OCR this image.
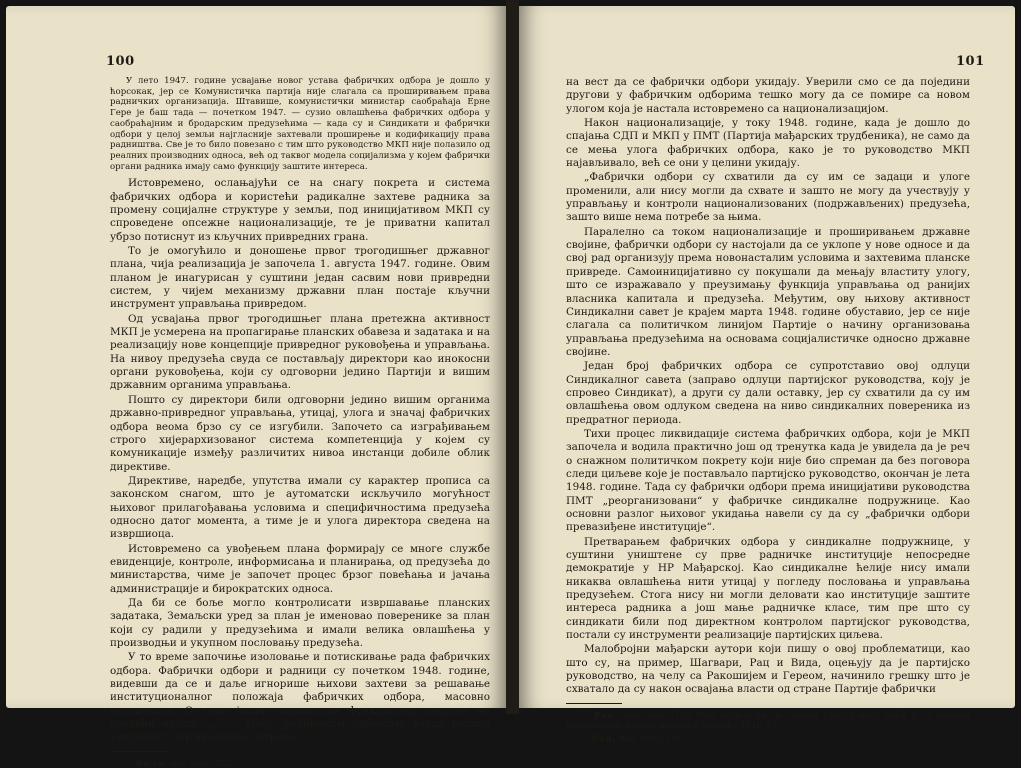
100

У лето 1947. године усвајање новог устава фабричких одбора је дошло у ћорсокак, јер се Комунистичка партија није слагала са проширивањем права радничких организација. Штавише, комунистички министар саобраћаја Ерне Гере је баш тада — почетком 1947. — сузио овлашћења фабричких одбора у саобраћајним и бродарским предузећима — када су и Синдикати и фабрички одбори у целој земљи најгласније захтевали проширење и кодификацију права радништва. Све је то било повезано с тим што руководство МКП није полазило од реалних производних односа, већ од таквог модела социјализма у којем фабрички органи радника имају само функцију заштите интереса.

Истовремено, ослањајући се на снагу покрета и система фабричких одбора и користећи радикалне захтеве радника за промену социјалне структуре у земљи, под иницијативом МКП су спроведене опсежне национализације, те је приватни капитал убрзо потиснут из кључних привредних грана.

То је омогућило и доношење првог трогодишњег државног плана, чија реализација је започела 1. августа 1947. године. Овим планом је инагурисан у суштини један сасвим нови привредни систем, у чијем механизму државни план постаје кључни инструмент управљања привредом.

Од усвајања првог трогодишњег плана претежна активност МКП је усмерена на пропагирање планских обавеза и задатака и на реализацију нове концепције привредног руковођења и управљања. На нивоу предузећа свуда се постављају директори као инокосни органи руковођења, који су одговорни једино Партији и вишим државним органима управљања.

Пошто су директори били одговорни једино вишим органима државно-привредног управљања, утицај, улога и значај фабричких одбора веома брзо су се изгубили. Започето са изграђивањем строго хијерархизованог система компетенција у којем су комуникације између различитих нивоа инстанци добиле облик директиве.

Директиве, наредбе, упутства имали су карактер прописа са законском снагом, што је аутоматски искључило могућност њиховог прилагођавања условима и специфичностима предузећа односно датог момента, а тиме је и улога директора сведена на извршиоца.

Истовремено са увођењем плана формирају се многе службе евиденције, контроле, информисања и планирања, од предузећа до министарства, чиме је започет процес брзог повећања и јачања администрације и бирократских односа.

Да би се боље могло контролисати извршавање планских задатака, Земаљски уред за план је именовао поверенике за план који су радили у предузећима и имали велика овлашћења у производњи и укупном пословању предузећа.

У то време започиње изоловање и потискивање рада фабричких одбора. Фабрички одбори и радници су почетком 1948. године, видевши да се и даље игнорише њихови захтеви за решавање институционалног положаја фабричких одбора, масовно негодовали. О томе један синдикални функционер сведочи на следећи начин: „. . . Међу фабричким одборима влада велика узрујаност, јер провејава погреш-

$^{21}$ Вида, нав. дело, 722.

101

на вест да се фабрички одбори укидају. Уверили смо се да поједини другови у фабричким одборима тешко могу да се помире са новом улогом која је настала истовремено са национализацијом.

Након национализације, у току 1948. године, када је дошло до спајања СДП и МКП у ПМТ (Партија мађарских трудбеника), не само да се мења улога фабричких одбора, како је то руководство МКП најављивало, већ се они у целини укидају.

„Фабрички одбори су схватили да су им се задаци и улоге променили, али нису могли да схвате и зашто не могу да учествују у управљању и контроли национализованих (подржављених) предузећа, зашто више нема потребе за њима.

Паралелно са током национализације и проширивањем државне своjине, фабрички одбори су настојали да се уклопе у нове односе и да свој рад организују према новонасталим условима и захтевима планске привреде. Самоиницијативно су покушали да мењају властиту улогу, што се изражавало у преузимању функција управљања од ранијих власника капитала и предузећа. Међутим, ову њихову активност Синдикални савет је крајем марта 1948. године обуставио, јер се није слагала са политичком линијом Партије о начину организовања управљања предузећима на основама социјалистичке односно државне својине.

Један број фабричких одбора се супротставио овој одлуци Синдикалног савета (заправо одлуци партијског руководства, коју је спровео Синдикат), а други су дали оставку, јер су схватили да су им овлашћења овом одлуком сведена на ниво синдикалних повереника из предратног периода.

Тихи процес ликвидације система фабричких одбора, који је МКП започела и водила практично још од тренутка када је увидела да је реч о снажном политичком покрету који није био спреман да без поговора следи циљеве које је постављало партијско руководство, окончан је лета 1948. године. Тада су фабрички одбори према иницијативи руководства ПМТ „реорганизовани“ у фабричке синдикалне подружнице. Као основни разлог њиховог укидања навели су да су „фабрички одбори превазиђене институције“.

Претварањем фабричких одбора у синдикалне подружнице, у суштини уништене су прве радничке институције непосредне демократије у НР Мађарској. Као синдикалне ћелије нису имали никаква овлашћења нити утицај у погледу пословања и управљања предузећем. Стога нису ни могли деловати као институције заштите интереса радника а још мање радничке класе, тим пре што су синдикати били под директном контролом партијског руководства, постали су инструменти реализације партијских циљева.

Малобројни мађарски аутори који пишу о овој проблематици, као што су, на пример, Шагвари, Рац и Вида, оцењују да је партијско руководство, на челу са Ракошијем и Гереом, начинило грешку што је схватало да су након освајања власти од стране Партије фабрички

$^{22}$ Рац, нав. дело, 126 (Рац истиче да се слични утисци могу наћи и „у многим извештајима који су рађени у пролеће 1948. г.“).

$^{23}$ Рац, нав. дело, 126.
